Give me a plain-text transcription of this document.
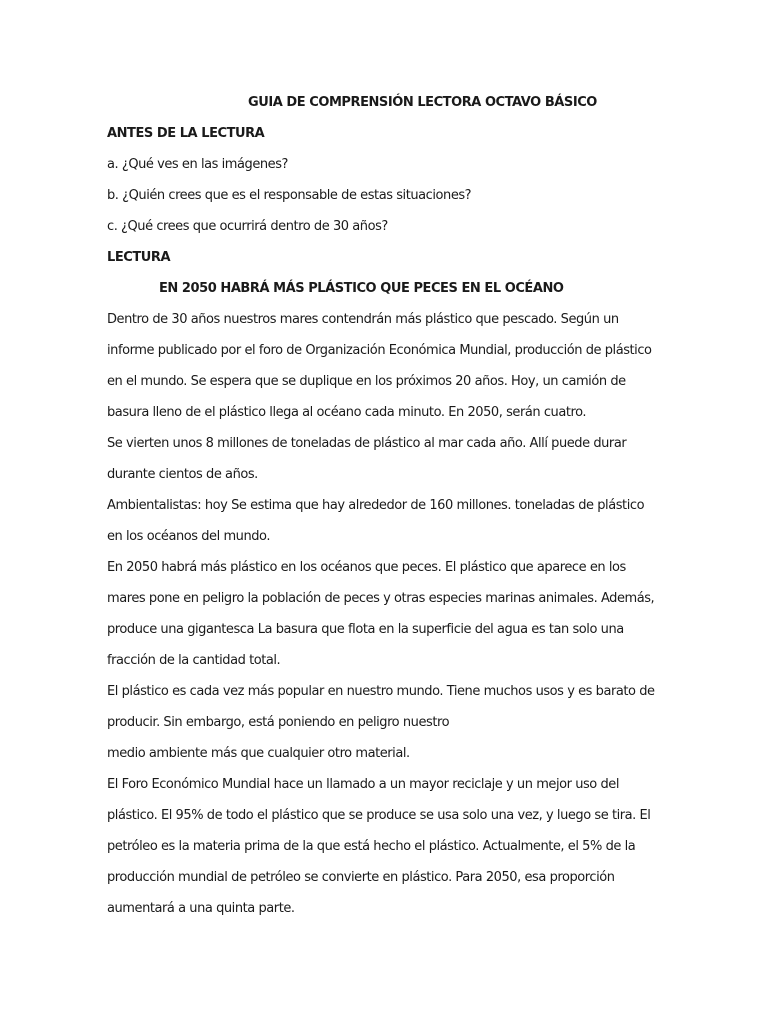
GUIA DE COMPRENSIÓN LECTORA OCTAVO BÁSICO
ANTES DE LA LECTURA
a. ¿Qué ves en las imágenes?
b. ¿Quién crees que es el responsable de estas situaciones?
c. ¿Qué crees que ocurrirá dentro de 30 años?
LECTURA
EN 2050 HABRÁ MÁS PLÁSTICO QUE PECES EN EL OCÉANO
Dentro de 30 años nuestros mares contendrán más plástico que pescado. Según un
informe publicado por el foro de Organización Económica Mundial, producción de plástico
en el mundo. Se espera que se duplique en los próximos 20 años. Hoy, un camión de
basura lleno de el plástico llega al océano cada minuto. En 2050, serán cuatro.
Se vierten unos 8 millones de toneladas de plástico al mar cada año. Allí puede durar
durante cientos de años.
Ambientalistas: hoy Se estima que hay alrededor de 160 millones. toneladas de plástico
en los océanos del mundo.
En 2050 habrá más plástico en los océanos que peces. El plástico que aparece en los
mares pone en peligro la población de peces y otras especies marinas animales. Además,
produce una gigantesca La basura que flota en la superficie del agua es tan solo una
fracción de la cantidad total.
El plástico es cada vez más popular en nuestro mundo. Tiene muchos usos y es barato de
producir. Sin embargo, está poniendo en peligro nuestro
medio ambiente más que cualquier otro material.
El Foro Económico Mundial hace un llamado a un mayor reciclaje y un mejor uso del
plástico. El 95% de todo el plástico que se produce se usa solo una vez, y luego se tira. El
petróleo es la materia prima de la que está hecho el plástico. Actualmente, el 5% de la
producción mundial de petróleo se convierte en plástico. Para 2050, esa proporción
aumentará a una quinta parte.
